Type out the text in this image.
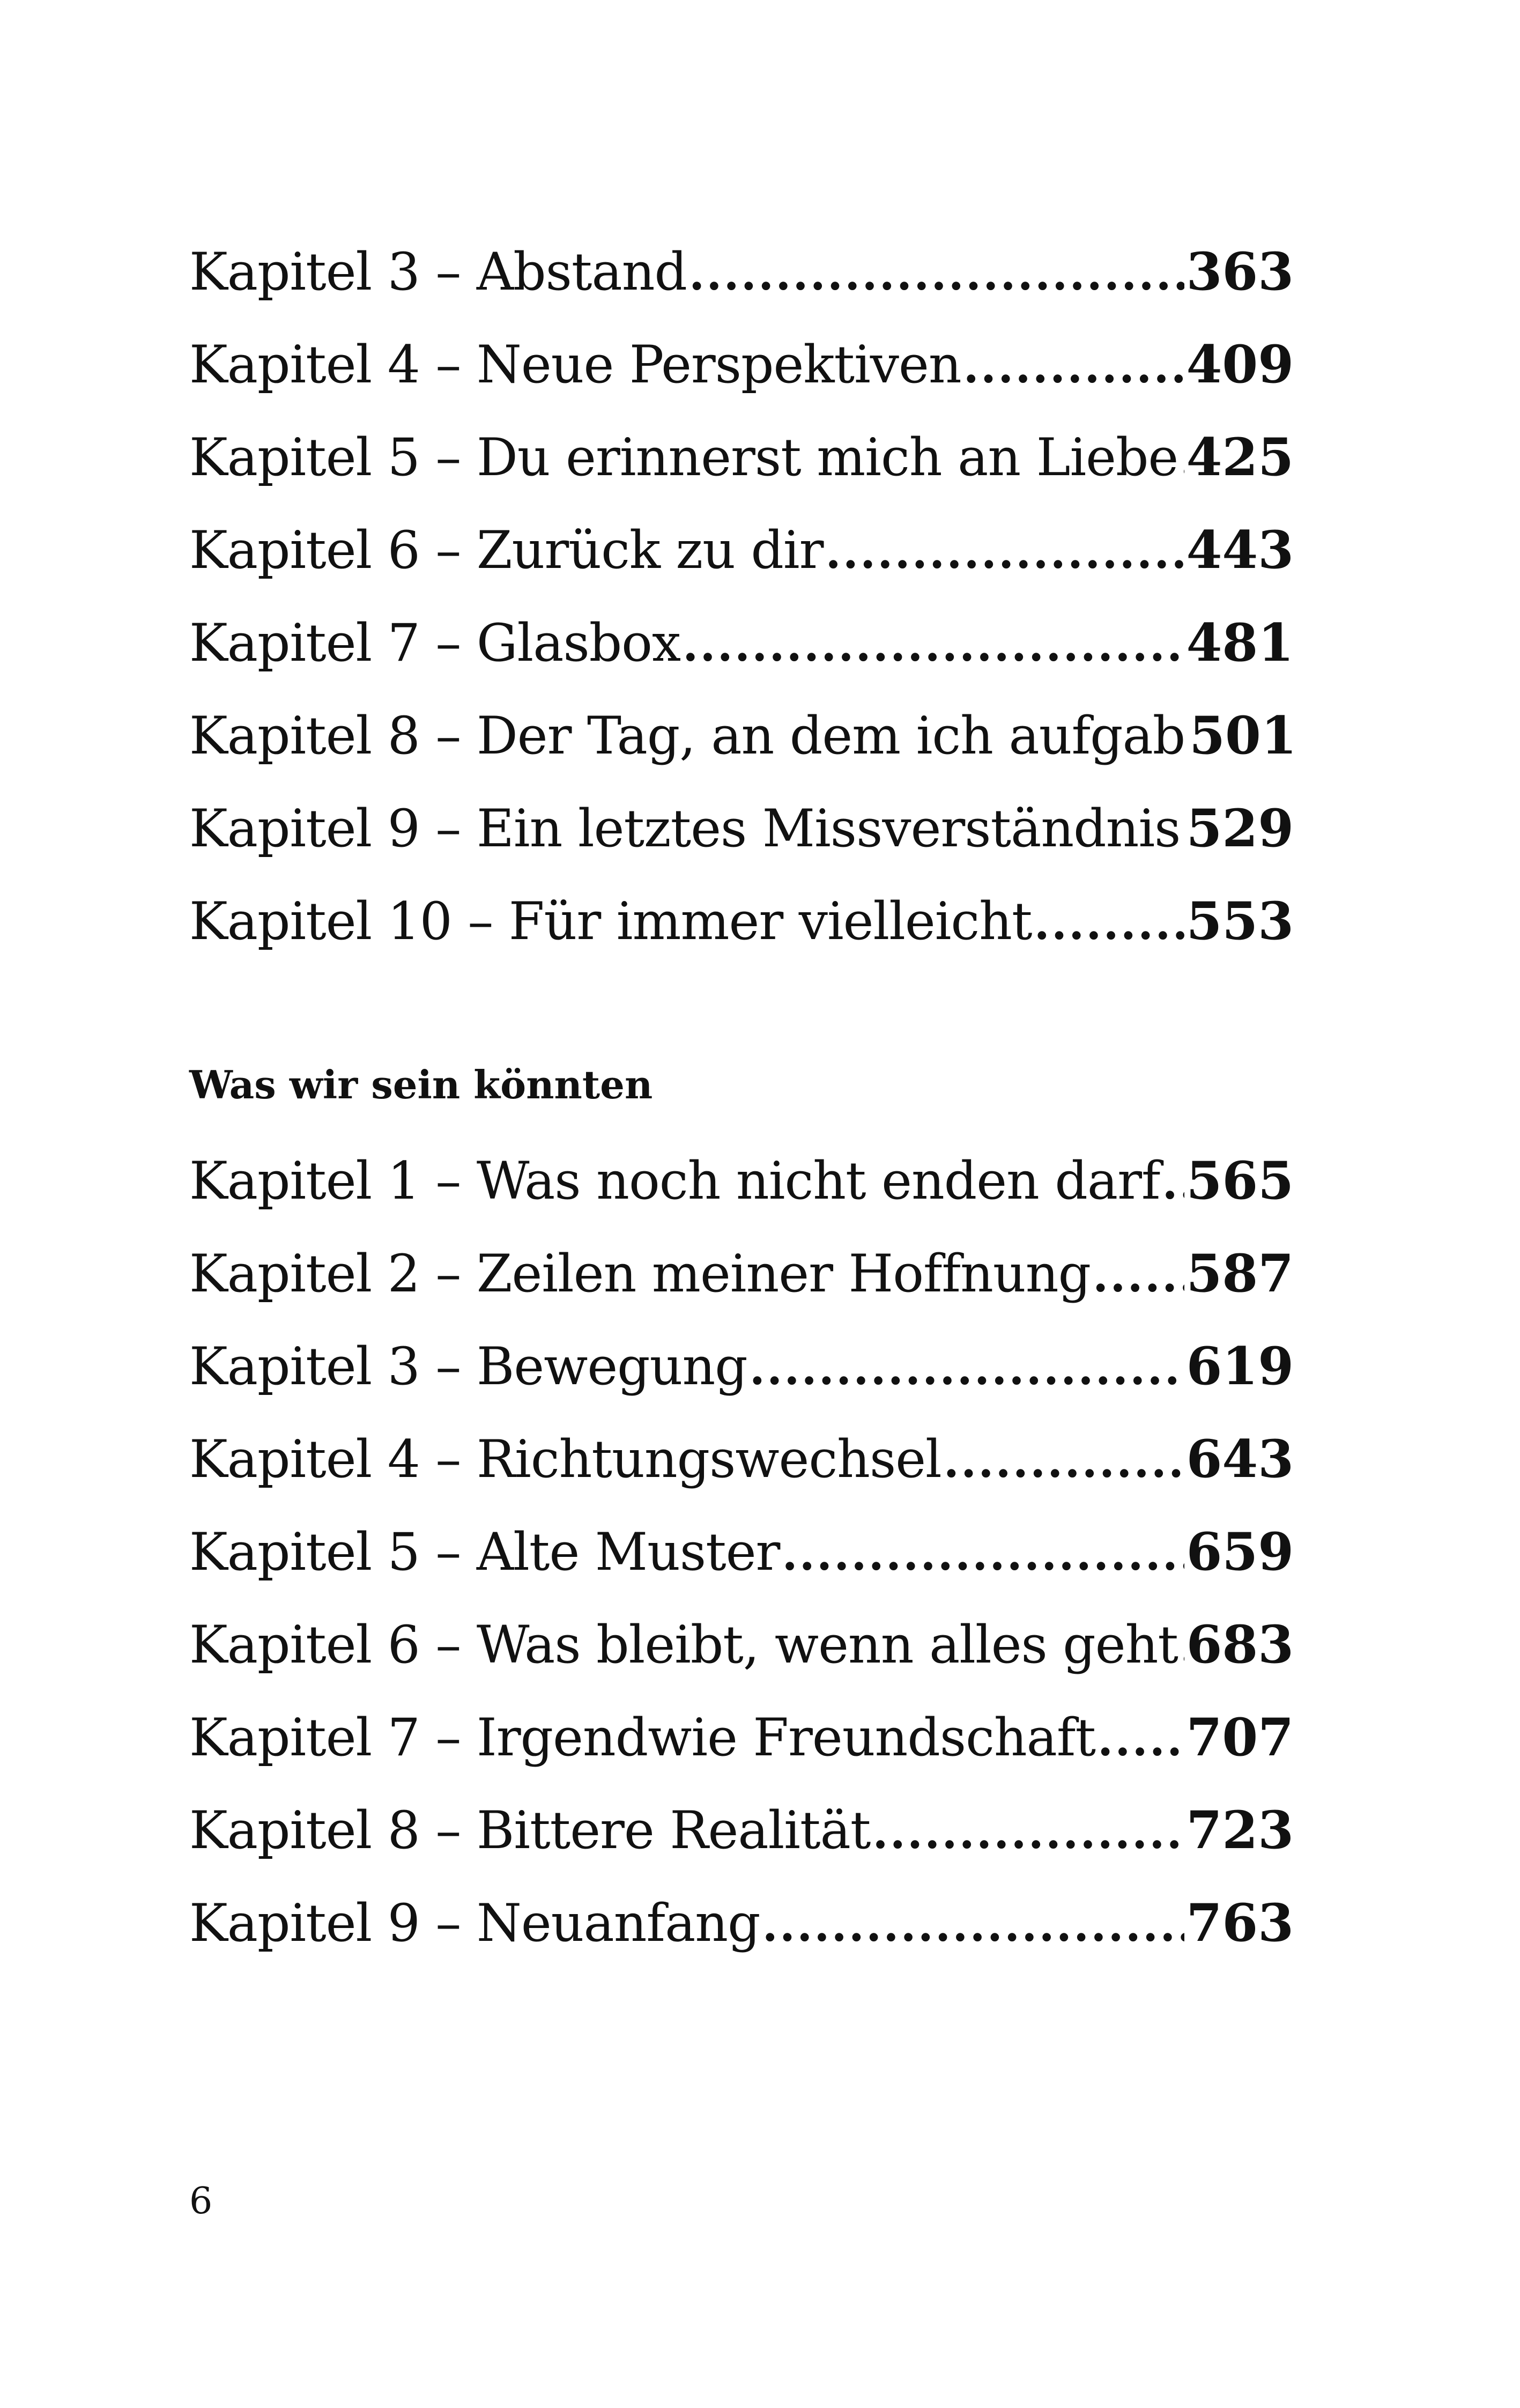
Kapitel 3 – Abstand .....	363
Kapitel 4 – Neue Perspektiven .....	409
Kapitel 5 – Du erinnerst mich an Liebe ..... 425
Kapitel 6 – Zurück zu dir .....	443
Kapitel 7 – Glasbox .....	481
Kapitel 8 – Der Tag, an dem ich aufgab 501
Kapitel 9 – Ein letztes Missverständnis ..... 529
Kapitel 10 – Für immer vielleicht .....	553
Was wir sein könnten
Kapitel 1 – Was noch nicht enden darf ..... 565
Kapitel 2 – Zeilen meiner Hoffnung ..... 587
Kapitel 3 – Bewegung .....	619
Kapitel 4 – Richtungswechsel .....	643
Kapitel 5 – Alte Muster .....	659
Kapitel 6 – Was bleibt, wenn alles geht ..... 683
Kapitel 7 – Irgendwie Freundschaft ..... 707
Kapitel 8 – Bittere Realität .....	723
Kapitel 9 – Neuanfang .....	763
6
